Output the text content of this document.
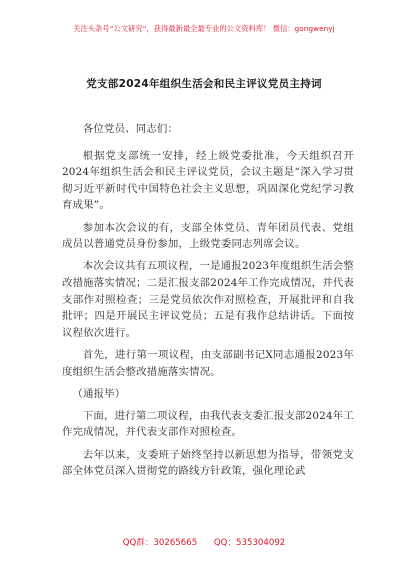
关注头条号“公文研究”，获得最新最全最专业的公文资料库！ 微信：gongwenyj
党支部2024年组织生活会和民主评议党员主持词

各位党员、同志们：

根据党支部统一安排，经上级党委批准，今天组织召开2024年组织生活会和民主评议党员，会议主题是“深入学习贯彻习近平新时代中国特色社会主义思想，巩固深化党纪学习教育成果”。

参加本次会议的有，支部全体党员、青年团员代表、党组成员以普通党员身份参加，上级党委同志列席会议。

本次会议共有五项议程，一是通报2023年度组织生活会整改措施落实情况；二是汇报支部2024年工作完成情况，并代表支部作对照检查；三是党员依次作对照检查，开展批评和自我批评；四是开展民主评议党员；五是有我作总结讲话。下面按议程依次进行。

首先，进行第一项议程，由支部副书记X同志通报2023年度组织生活会整改措施落实情况。

（通报毕）

下面，进行第二项议程，由我代表支委汇报支部2024年工作完成情况，并代表支部作对照检查。

去年以来，支委班子始终坚持以新思想为指导，带领党支部全体党员深入贯彻党的路线方针政策，强化理论武

QQ群：30265665 QQ：535304092
